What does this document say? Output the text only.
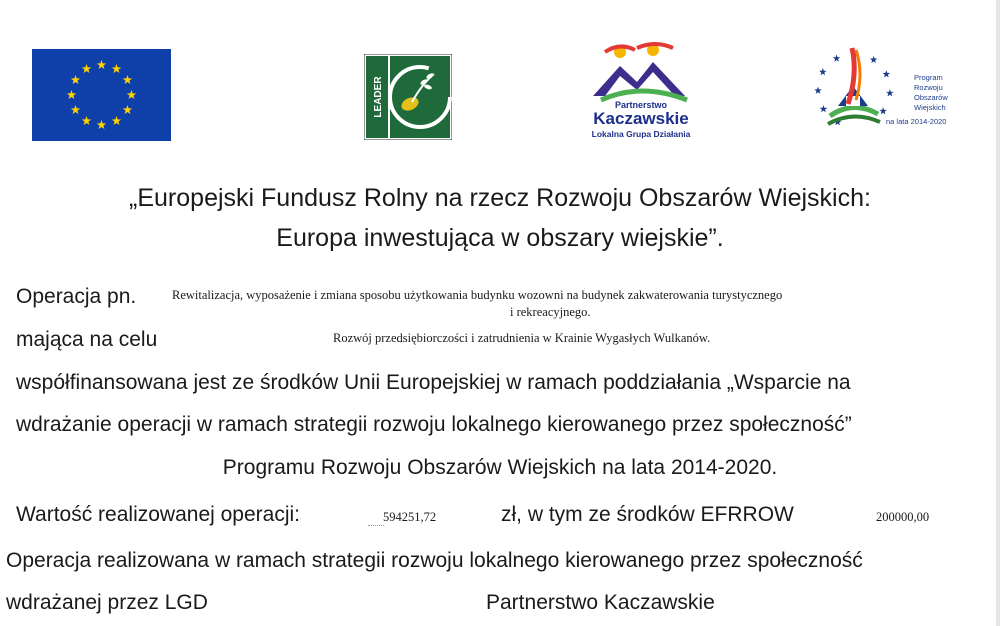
LEADER	Partnerstwo
Kaczawskie
Lokalna Grupa Działania
Program
Rozwoju
Obszarów
Wiejskich
na lata 2014-2020
„Europejski Fundusz Rolny na rzecz Rozwoju Obszarów Wiejskich:
Europa inwestująca w obszary wiejskie”.
Operacja pn.	Rewitalizacja, wyposażenie i zmiana sposobu użytkowania budynku wozowni na budynek zakwaterowania turystycznego
i rekreacyjnego.
mająca na celu	Rozwój przedsiębiorczości i zatrudnienia w Krainie Wygasłych Wulkanów.
współfinansowana jest ze środków Unii Europejskiej w ramach poddziałania „Wsparcie na
wdrażanie operacji w ramach strategii rozwoju lokalnego kierowanego przez społeczność”
Programu Rozwoju Obszarów Wiejskich na lata 2014-2020.
Wartość realizowanej operacji:	594251,72	zł, w tym ze środków EFRROW	200000,00
Operacja realizowana w ramach strategii rozwoju lokalnego kierowanego przez społeczność
wdrażanej przez LGD	Partnerstwo Kaczawskie
